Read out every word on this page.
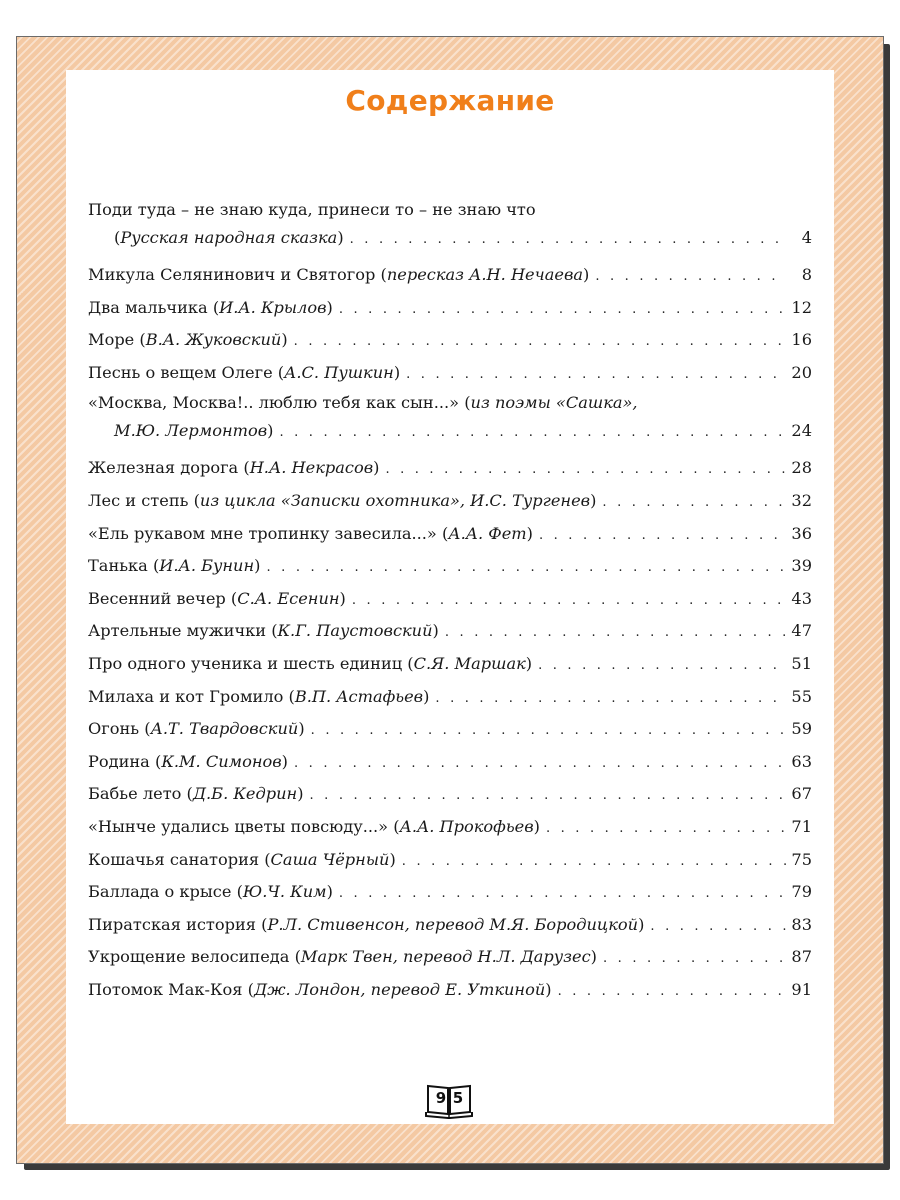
Содержание
Поди туда – не знаю куда, принеси то – не знаю что
(Русская народная сказка) . . .	4
Микула Селянинович и Святогор (пересказ А.Н. Нечаева) . . .	8
Два мальчика (И.А. Крылов) . . .	12
Море (В.А. Жуковский) . . .	16
Песнь о вещем Олеге (А.С. Пушкин) . . .	20
«Москва, Москва!.. люблю тебя как сын...» (из поэмы «Сашка»,
М.Ю. Лермонтов) . . .	24
Железная дорога (Н.А. Некрасов) . . .	28
Лес и степь (из цикла «Записки охотника», И.С. Тургенев) . . .	32
«Ель рукавом мне тропинку завесила...» (А.А. Фет) . . .	36
Танька (И.А. Бунин) . . .	39
Весенний вечер (С.А. Есенин) . . .	43
Артельные мужички (К.Г. Паустовский) . . .	47
Про одного ученика и шесть единиц (С.Я. Маршак) . . .	51
Милаха и кот Громило (В.П. Астафьев) . . .	55
Огонь (А.Т. Твардовский) . . .	59
Родина (К.М. Симонов) . . .	63
Бабье лето (Д.Б. Кедрин) . . .	67
«Нынче удались цветы повсюду...» (А.А. Прокофьев) . . .	71
Кошачья санатория (Саша Чёрный) . . .	75
Баллада о крысе (Ю.Ч. Ким) . . .	79
Пиратская история (Р.Л. Стивенсон, перевод М.Я. Бородицкой) . . .	83
Укрощение велосипеда (Марк Твен, перевод Н.Л. Дарузес) . . .	87
Потомок Мак-Коя (Дж. Лондон, перевод Е. Уткиной) . . .	91
9 5
